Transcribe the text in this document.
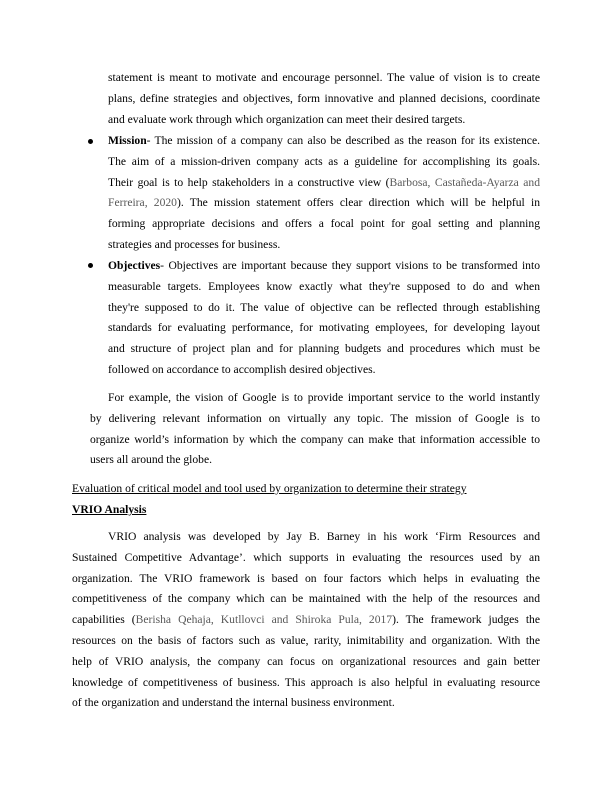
statement is meant to motivate and encourage personnel. The value of vision is to create
plans, define strategies and objectives, form innovative and planned decisions, coordinate
and evaluate work through which organization can meet their desired targets.
Mission- The mission of a company can also be described as the reason for its existence.
The aim of a mission-driven company acts as a guideline for accomplishing its goals.
Their goal is to help stakeholders in a constructive view (Barbosa, Castañeda-Ayarza and
Ferreira, 2020). The mission statement offers clear direction which will be helpful in
forming appropriate decisions and offers a focal point for goal setting and planning
strategies and processes for business.
Objectives- Objectives are important because they support visions to be transformed into
measurable targets. Employees know exactly what they're supposed to do and when
they're supposed to do it. The value of objective can be reflected through establishing
standards for evaluating performance, for motivating employees, for developing layout
and structure of project plan and for planning budgets and procedures which must be
followed on accordance to accomplish desired objectives.
For example, the vision of Google is to provide important service to the world instantly
by delivering relevant information on virtually any topic. The mission of Google is to
organize world’s information by which the company can make that information accessible to
users all around the globe.
Evaluation of critical model and tool used by organization to determine their strategy
VRIO Analysis
VRIO analysis was developed by Jay B. Barney in his work ‘Firm Resources and
Sustained Competitive Advantage’. which supports in evaluating the resources used by an
organization. The VRIO framework is based on four factors which helps in evaluating the
competitiveness of the company which can be maintained with the help of the resources and
capabilities (Berisha Qehaja, Kutllovci and Shiroka Pula, 2017). The framework judges the
resources on the basis of factors such as value, rarity, inimitability and organization. With the
help of VRIO analysis, the company can focus on organizational resources and gain better
knowledge of competitiveness of business. This approach is also helpful in evaluating resource
of the organization and understand the internal business environment.
